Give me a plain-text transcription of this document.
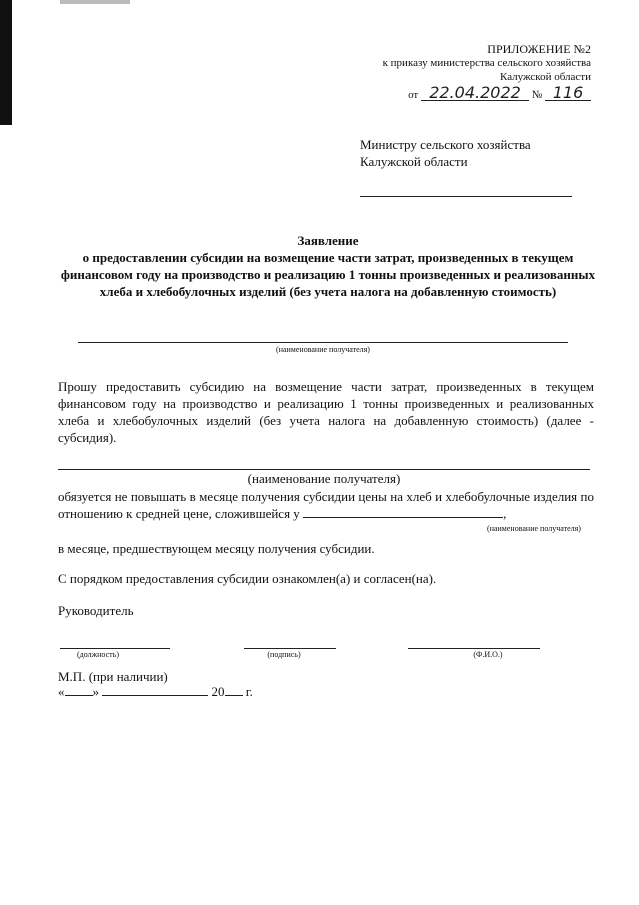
ПРИЛОЖЕНИЕ №2
к приказу министерства сельского хозяйства
Калужской области
от 22.04.2022 № 116
Министру сельского хозяйства
Калужской области
Заявление
о предоставлении субсидии на возмещение части затрат, произведенных в текущем финансовом году на производство и реализацию 1 тонны произведенных и реализованных хлеба и хлебобулочных изделий (без учета налога на добавленную стоимость)
(наименование получателя)
Прошу предоставить субсидию на возмещение части затрат, произведенных в текущем финансовом году на производство и реализацию 1 тонны произведенных и реализованных хлеба и хлебобулочных изделий (без учета налога на добавленную стоимость) (далее - субсидия).
(наименование получателя)
обязуется не повышать в месяце получения субсидии цены на хлеб и хлебобулочные изделия по отношению к средней цене, сложившейся у	,
(наименование получателя)
в месяце, предшествующем месяцу получения субсидии.
С порядком предоставления субсидии ознакомлен(а) и согласен(на).
Руководитель
(должность)	(подпись)	(Ф.И.О.)
М.П. (при наличии)
« »	20 г.
